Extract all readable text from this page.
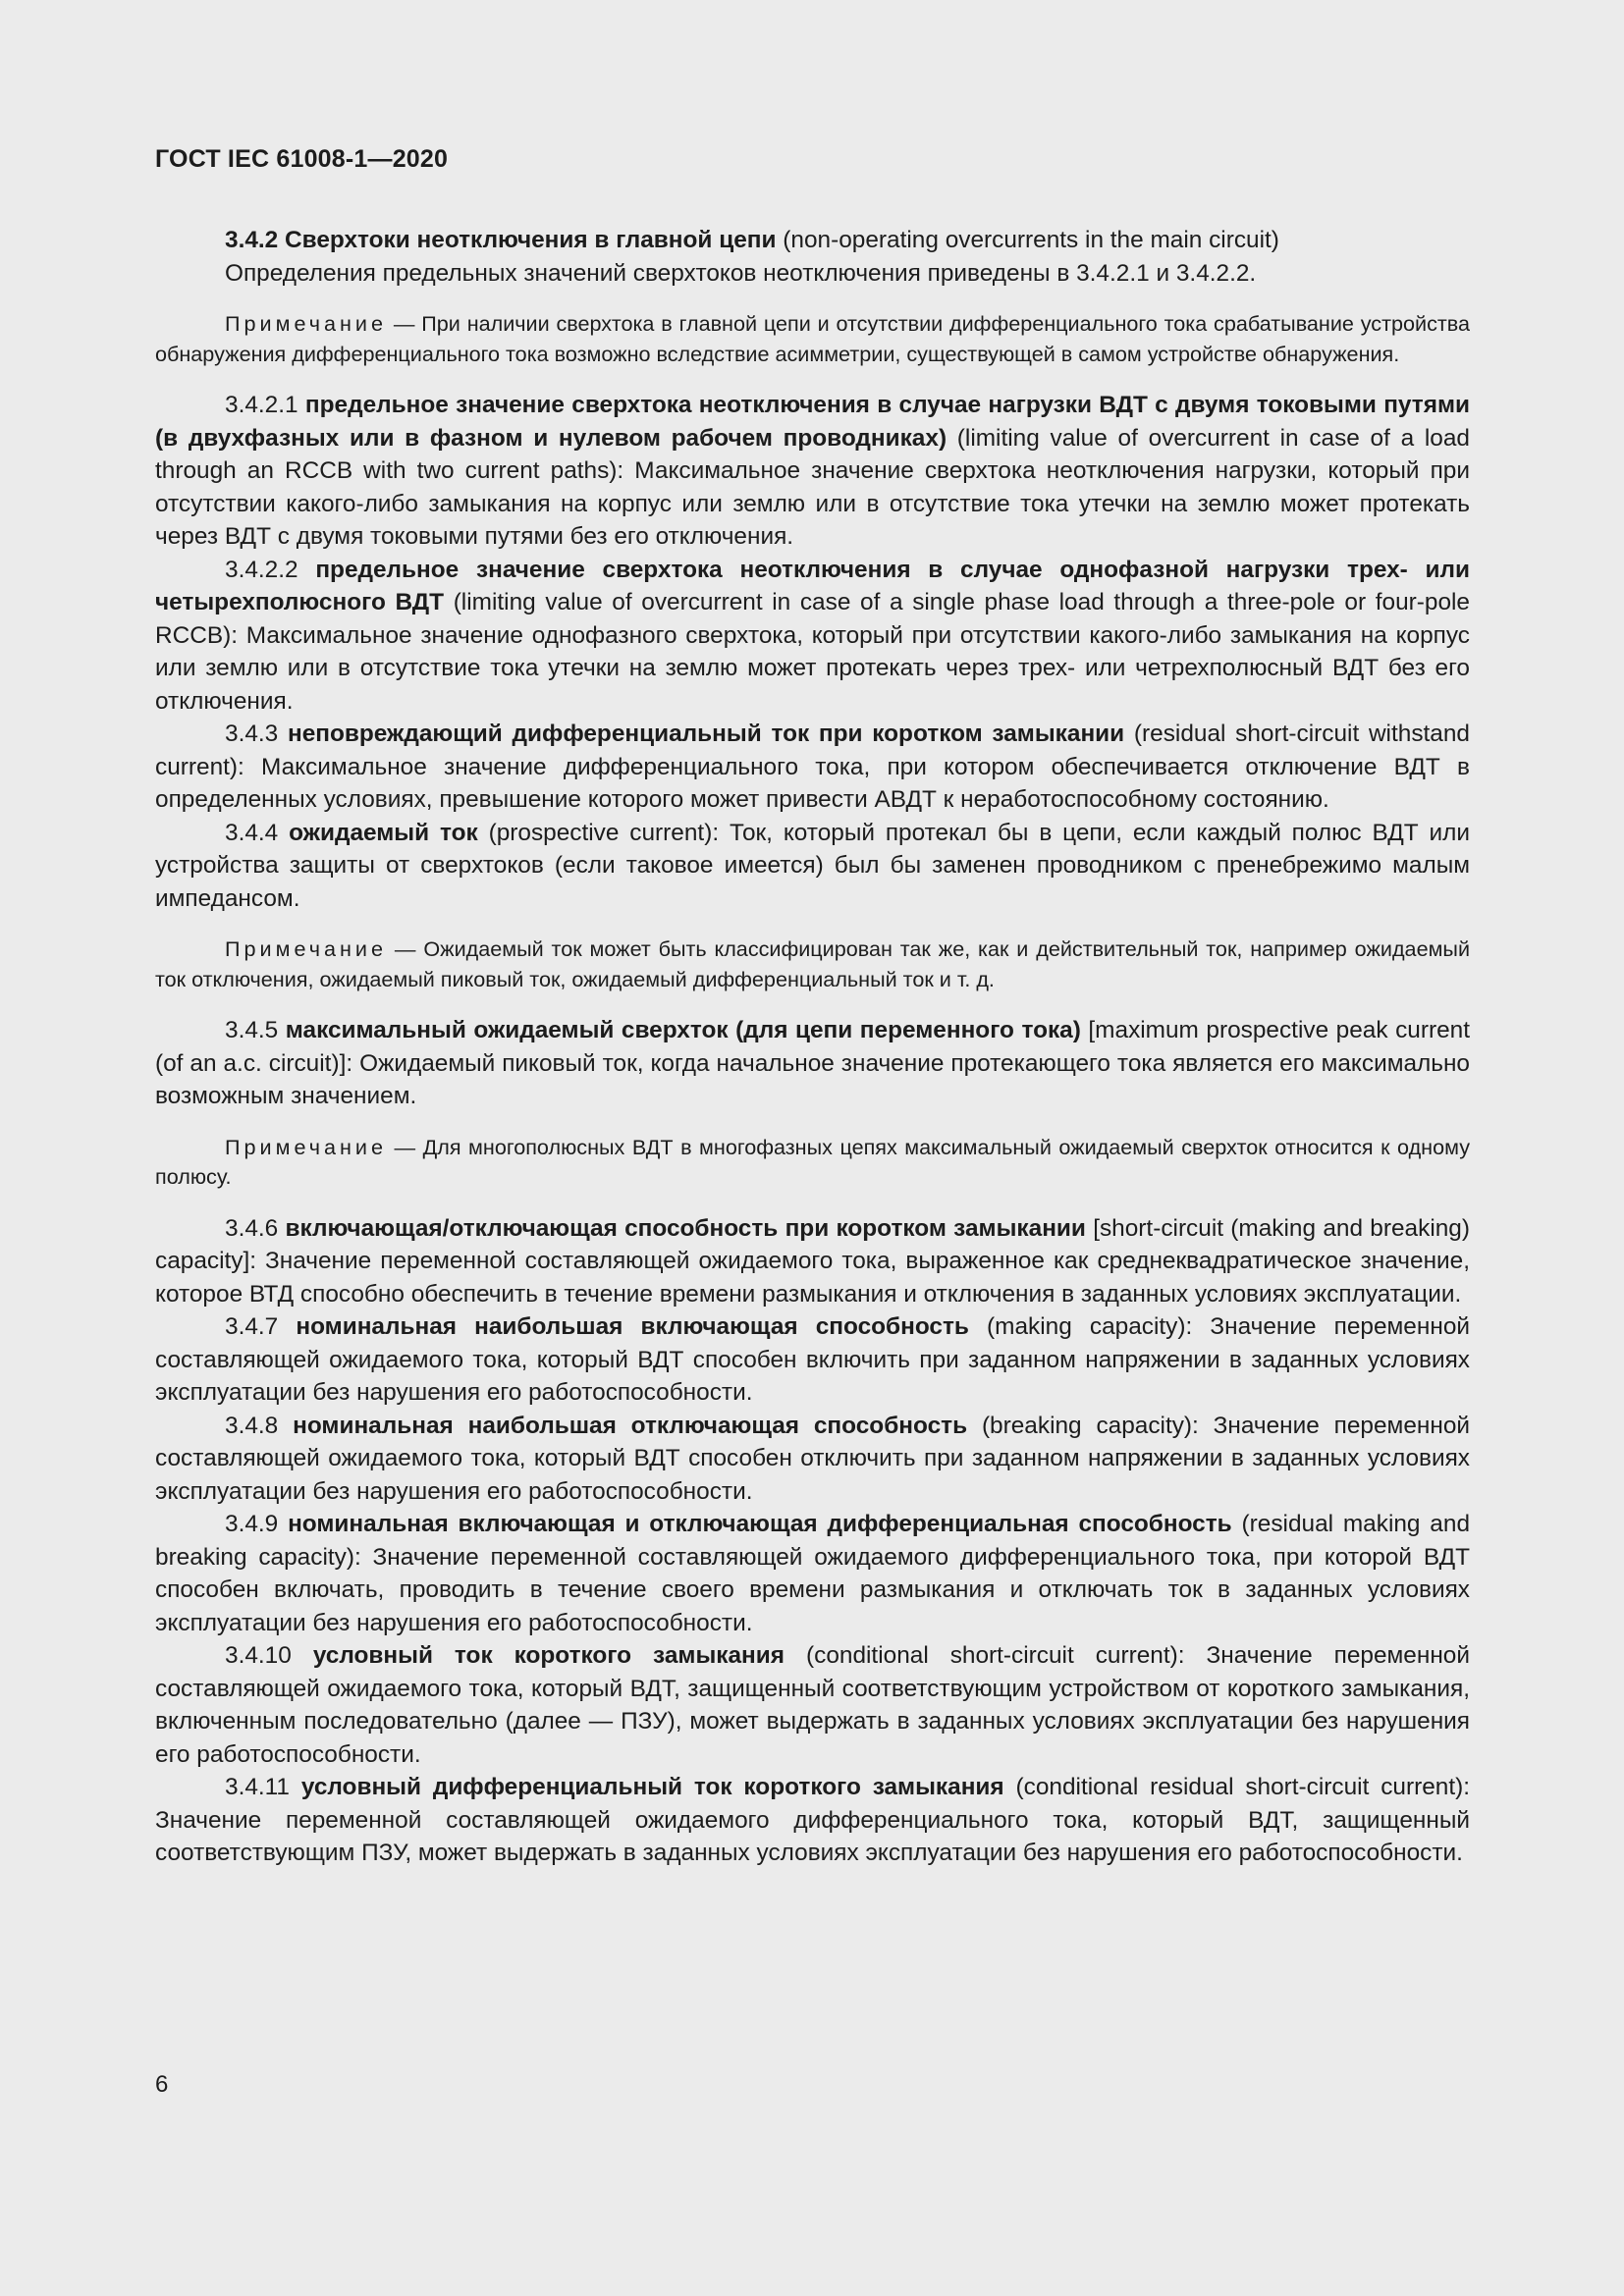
ГОСТ IEC 61008-1—2020

3.4.2 Сверхтоки неотключения в главной цепи (non-operating overcurrents in the main circuit)

Определения предельных значений сверхтоков неотключения приведены в 3.4.2.1 и 3.4.2.2.

Примечание — При наличии сверхтока в главной цепи и отсутствии дифференциального тока срабатывание устройства обнаружения дифференциального тока возможно вследствие асимметрии, существующей в самом устройстве обнаружения.

3.4.2.1 предельное значение сверхтока неотключения в случае нагрузки ВДТ с двумя токовыми путями (в двухфазных или в фазном и нулевом рабочем проводниках) (limiting value of overcurrent in case of a load through an RCCB with two current paths): Максимальное значение сверхтока неотключения нагрузки, который при отсутствии какого-либо замыкания на корпус или землю или в отсутствие тока утечки на землю может протекать через ВДТ с двумя токовыми путями без его отключения.

3.4.2.2 предельное значение сверхтока неотключения в случае однофазной нагрузки трех- или четырехполюсного ВДТ (limiting value of overcurrent in case of a single phase load through a three-pole or four-pole RCCB): Максимальное значение однофазного сверхтока, который при отсутствии какого-либо замыкания на корпус или землю или в отсутствие тока утечки на землю может протекать через трех- или четрехполюсный ВДТ без его отключения.

3.4.3 неповреждающий дифференциальный ток при коротком замыкании (residual short-circuit withstand current): Максимальное значение дифференциального тока, при котором обеспечивается отключение ВДТ в определенных условиях, превышение которого может привести АВДТ к неработоспособному состоянию.

3.4.4 ожидаемый ток (prospective current): Ток, который протекал бы в цепи, если каждый полюс ВДТ или устройства защиты от сверхтоков (если таковое имеется) был бы заменен проводником с пренебрежимо малым импедансом.

Примечание — Ожидаемый ток может быть классифицирован так же, как и действительный ток, например ожидаемый ток отключения, ожидаемый пиковый ток, ожидаемый дифференциальный ток и т. д.

3.4.5 максимальный ожидаемый сверхток (для цепи переменного тока) [maximum prospective peak current (of an a.c. circuit)]: Ожидаемый пиковый ток, когда начальное значение протекающего тока является его максимально возможным значением.

Примечание — Для многополюсных ВДТ в многофазных цепях максимальный ожидаемый сверхток относится к одному полюсу.

3.4.6 включающая/отключающая способность при коротком замыкании [short-circuit (making and breaking) capacity]: Значение переменной составляющей ожидаемого тока, выраженное как среднеквадратическое значение, которое ВТД способно обеспечить в течение времени размыкания и отключения в заданных условиях эксплуатации.

3.4.7 номинальная наибольшая включающая способность (making capacity): Значение переменной составляющей ожидаемого тока, который ВДТ способен включить при заданном напряжении в заданных условиях эксплуатации без нарушения его работоспособности.

3.4.8 номинальная наибольшая отключающая способность (breaking capacity): Значение переменной составляющей ожидаемого тока, который ВДТ способен отключить при заданном напряжении в заданных условиях эксплуатации без нарушения его работоспособности.

3.4.9 номинальная включающая и отключающая дифференциальная способность (residual making and breaking capacity): Значение переменной составляющей ожидаемого дифференциального тока, при которой ВДТ способен включать, проводить в течение своего времени размыкания и отключать ток в заданных условиях эксплуатации без нарушения его работоспособности.

3.4.10 условный ток короткого замыкания (conditional short-circuit current): Значение переменной составляющей ожидаемого тока, который ВДТ, защищенный соответствующим устройством от короткого замыкания, включенным последовательно (далее — ПЗУ), может выдержать в заданных условиях эксплуатации без нарушения его работоспособности.

3.4.11 условный дифференциальный ток короткого замыкания (conditional residual short-circuit current): Значение переменной составляющей ожидаемого дифференциального тока, который ВДТ, защищенный соответствующим ПЗУ, может выдержать в заданных условиях эксплуатации без нарушения его работоспособности.

6
